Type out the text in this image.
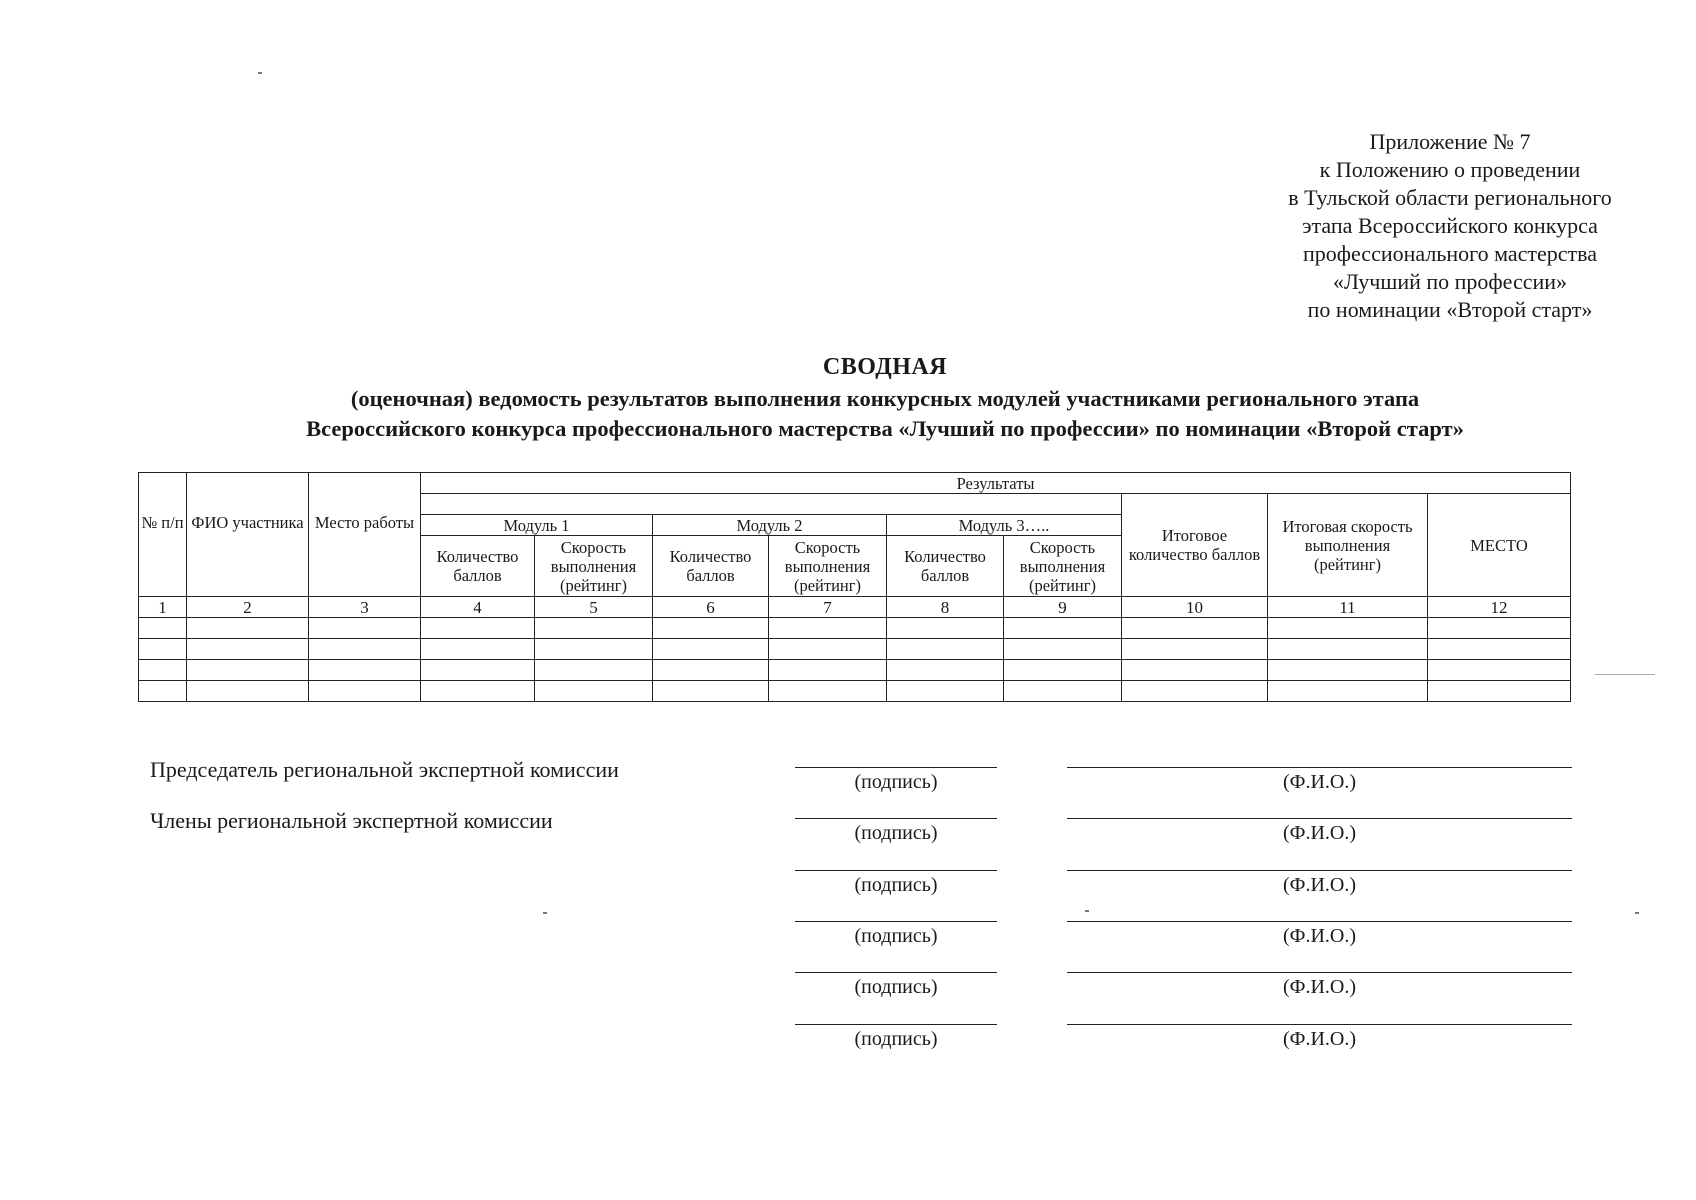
Приложение № 7
к Положению о проведении
в Тульской области регионального
этапа Всероссийского конкурса
профессионального мастерства
«Лучший по профессии»
по номинации «Второй старт»
СВОДНАЯ
(оценочная) ведомость результатов выполнения конкурсных модулей участниками регионального этапа
Всероссийского конкурса профессионального мастерства «Лучший по профессии» по номинации «Второй старт»
№ п/п	ФИО участника	Место работы	Результаты								
									Итоговое количество баллов	Итоговая скорость выполнения (рейтинг)	МЕСТО
			Модуль 1		Модуль 2		Модуль 3…..				
			Количество баллов	Скорость выполнения (рейтинг)	Количество баллов	Скорость выполнения (рейтинг)	Количество баллов	Скорость выполнения (рейтинг)			
1	2	3	4	5	6	7	8	9	10	11	12

Председатель региональной экспертной комиссии
Члены региональной экспертной комиссии
(подпись)	(Ф.И.О.)
(подпись)	(Ф.И.О.)
(подпись)	(Ф.И.О.)
(подпись)	(Ф.И.О.)
(подпись)	(Ф.И.О.)
(подпись)	(Ф.И.О.)
